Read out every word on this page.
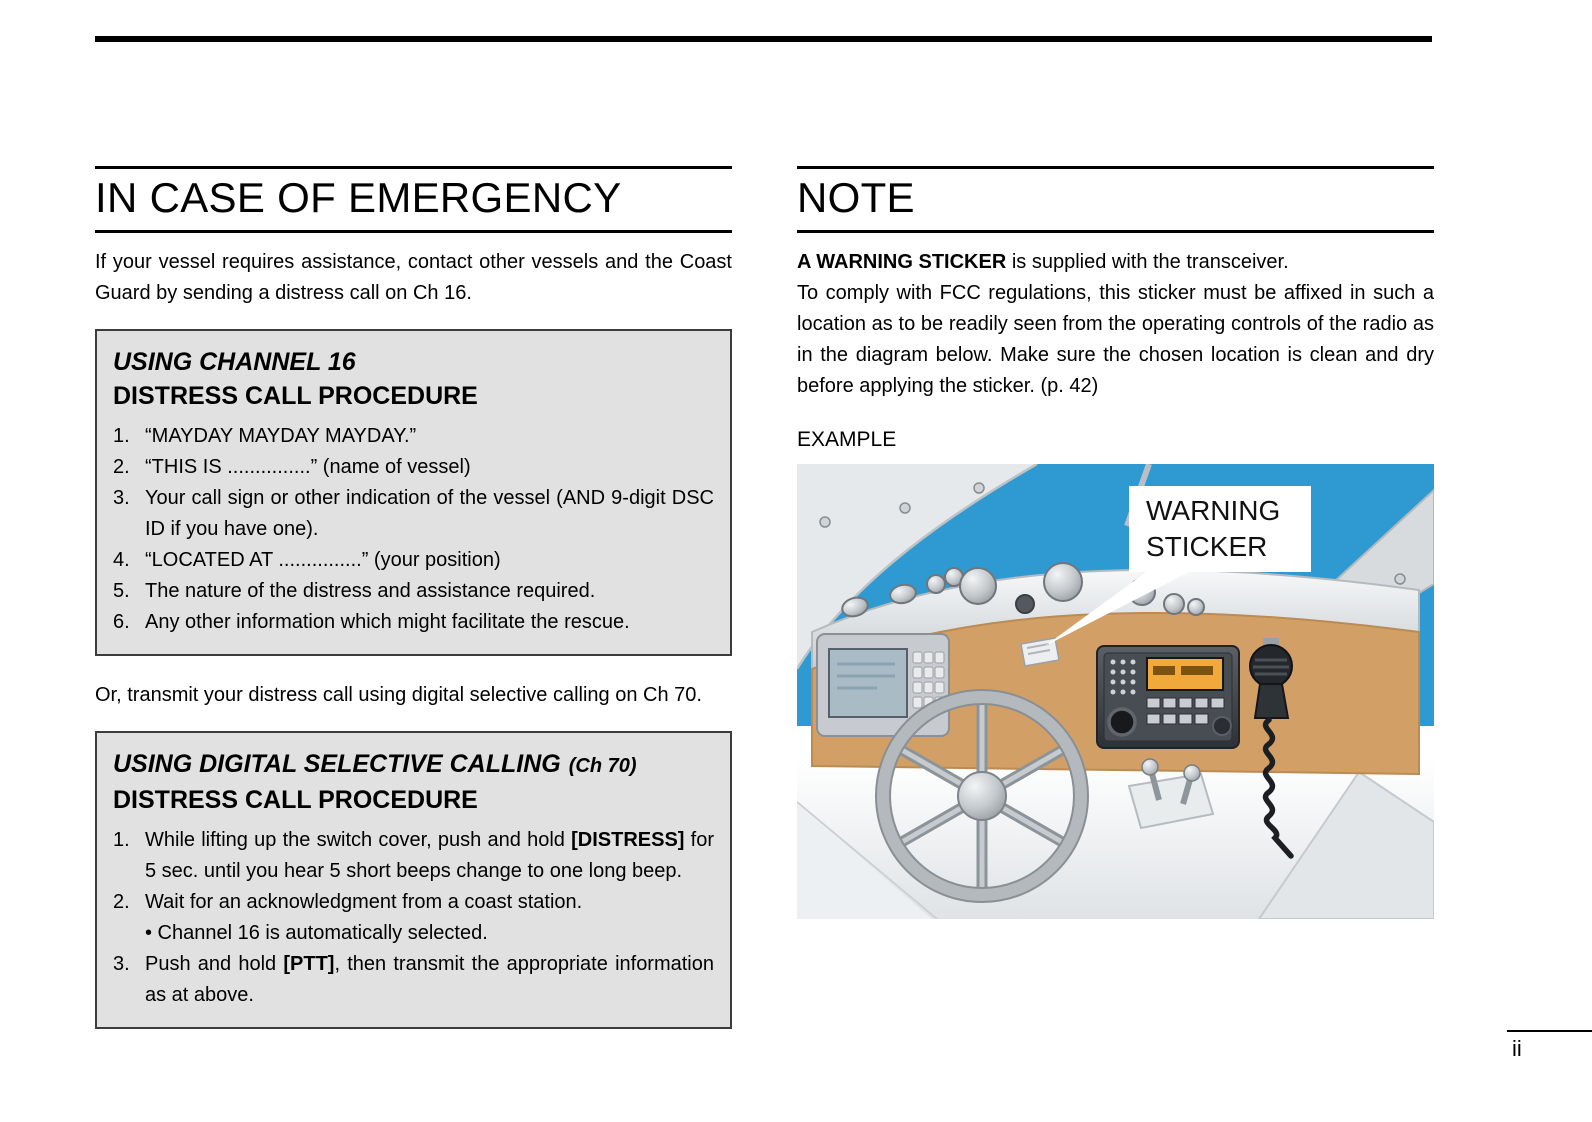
IN CASE OF EMERGENCY

If your vessel requires assistance, contact other vessels and the Coast Guard by sending a distress call on Ch 16.

USING CHANNEL 16
DISTRESS CALL PROCEDURE
1. “MAYDAY MAYDAY MAYDAY.”
2. “THIS IS ...............” (name of vessel)
3. Your call sign or other indication of the vessel (AND 9-digit DSC ID if you have one).
4. “LOCATED AT ...............” (your position)
5. The nature of the distress and assistance required.
6. Any other information which might facilitate the rescue.

Or, transmit your distress call using digital selective calling on Ch 70.

USING DIGITAL SELECTIVE CALLING (Ch 70)
DISTRESS CALL PROCEDURE
1. While lifting up the switch cover, push and hold [DISTRESS] for 5 sec. until you hear 5 short beeps change to one long beep.
2. Wait for an acknowledgment from a coast station.
• Channel 16 is automatically selected.
3. Push and hold [PTT], then transmit the appropriate information as at above.
NOTE

A WARNING STICKER is supplied with the transceiver.
To comply with FCC regulations, this sticker must be affixed in such a location as to be readily seen from the operating controls of the radio as in the diagram below. Make sure the chosen location is clean and dry before applying the sticker. (p. 42)

EXAMPLE
WARNING
STICKER
ii
